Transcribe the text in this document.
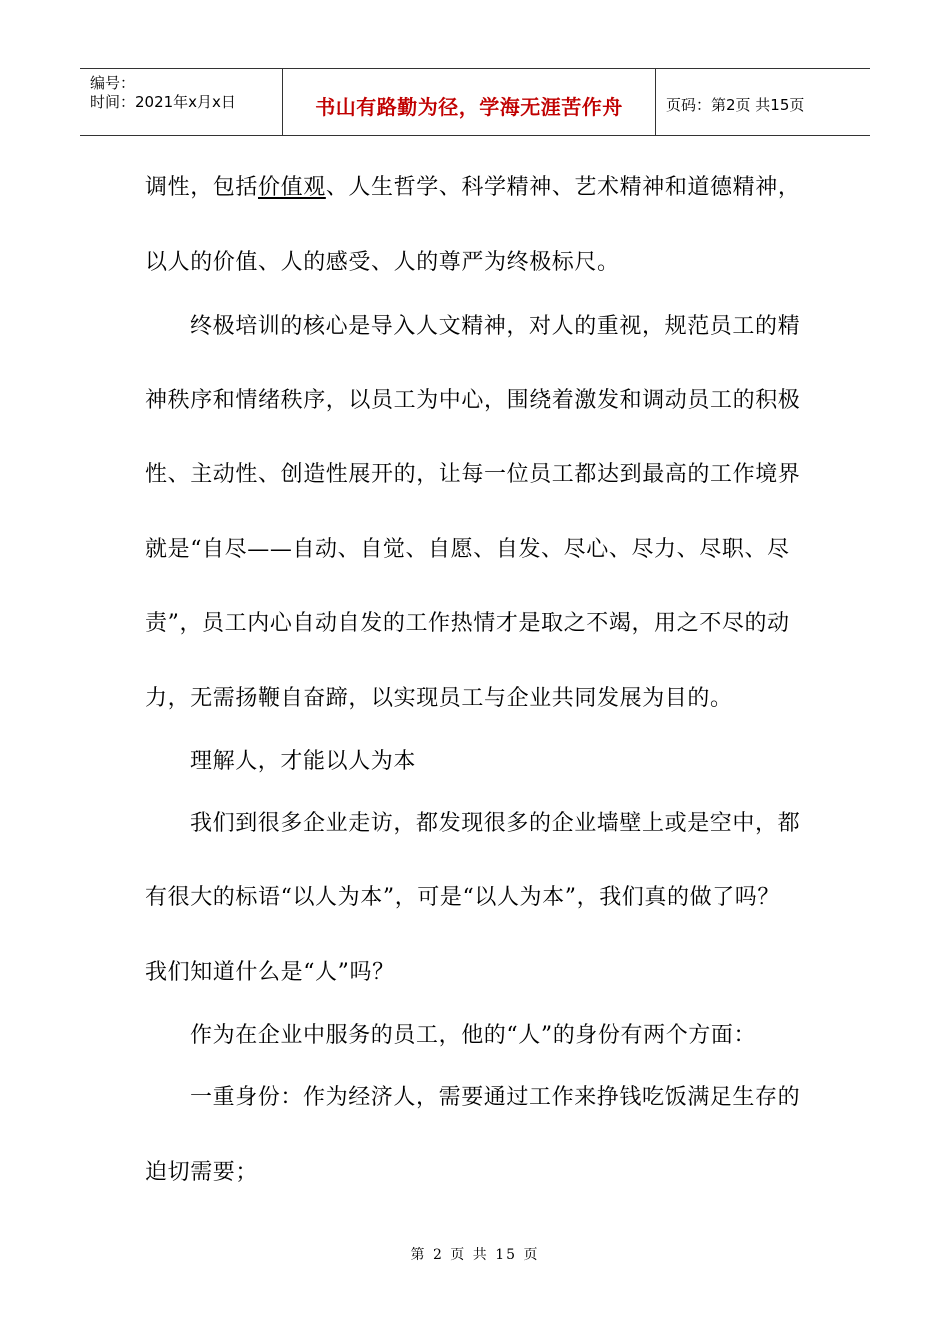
编号：
时间：2021年x月x日	书山有路勤为径，学海无涯苦作舟	页码：第2页 共15页
调性，包括价值观、人生哲学、科学精神、艺术精神和道德精神，
以人的价值、人的感受、人的尊严为终极标尺。
终极培训的核心是导入人文精神，对人的重视，规范员工的精
神秩序和情绪秩序，以员工为中心，围绕着激发和调动员工的积极
性、主动性、创造性展开的，让每一位员工都达到最高的工作境界
就是“自尽——自动、自觉、自愿、自发、尽心、尽力、尽职、尽
责”，员工内心自动自发的工作热情才是取之不竭，用之不尽的动
力，无需扬鞭自奋蹄，以实现员工与企业共同发展为目的。
理解人，才能以人为本
我们到很多企业走访，都发现很多的企业墙壁上或是空中，都
有很大的标语“以人为本”，可是“以人为本”，我们真的做了吗？
我们知道什么是“人”吗？
作为在企业中服务的员工，他的“人”的身份有两个方面：
一重身份：作为经济人，需要通过工作来挣钱吃饭满足生存的
迫切需要；
第 2 页 共 15 页
